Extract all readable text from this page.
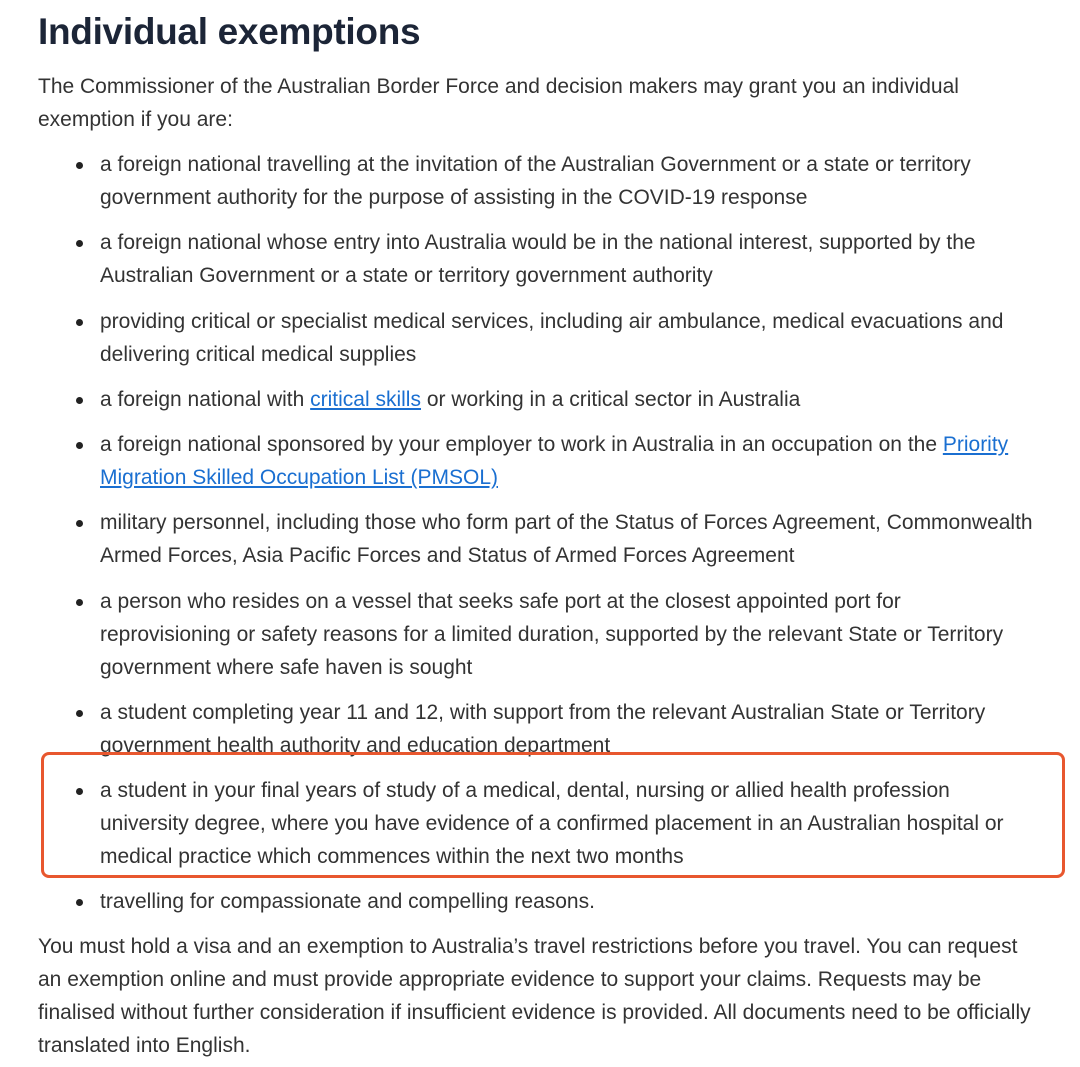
Individual exemptions

The Commissioner of the Australian Border Force and decision makers may grant you an individual exemption if you are:

a foreign national travelling at the invitation of the Australian Government or a state or territory government authority for the purpose of assisting in the COVID-19 response
a foreign national whose entry into Australia would be in the national interest, supported by the Australian Government or a state or territory government authority
providing critical or specialist medical services, including air ambulance, medical evacuations and delivering critical medical supplies
a foreign national with critical skills or working in a critical sector in Australia
a foreign national sponsored by your employer to work in Australia in an occupation on the Priority Migration Skilled Occupation List (PMSOL)
military personnel, including those who form part of the Status of Forces Agreement, Commonwealth Armed Forces, Asia Pacific Forces and Status of Armed Forces Agreement
a person who resides on a vessel that seeks safe port at the closest appointed port for reprovisioning or safety reasons for a limited duration, supported by the relevant State or Territory government where safe haven is sought
a student completing year 11 and 12, with support from the relevant Australian State or Territory government health authority and education department
a student in your final years of study of a medical, dental, nursing or allied health profession university degree, where you have evidence of a confirmed placement in an Australian hospital or medical practice which commences within the next two months
travelling for compassionate and compelling reasons.

You must hold a visa and an exemption to Australia’s travel restrictions before you travel. You can request an exemption online and must provide appropriate evidence to support your claims. Requests may be finalised without further consideration if insufficient evidence is provided. All documents need to be officially translated into English.
